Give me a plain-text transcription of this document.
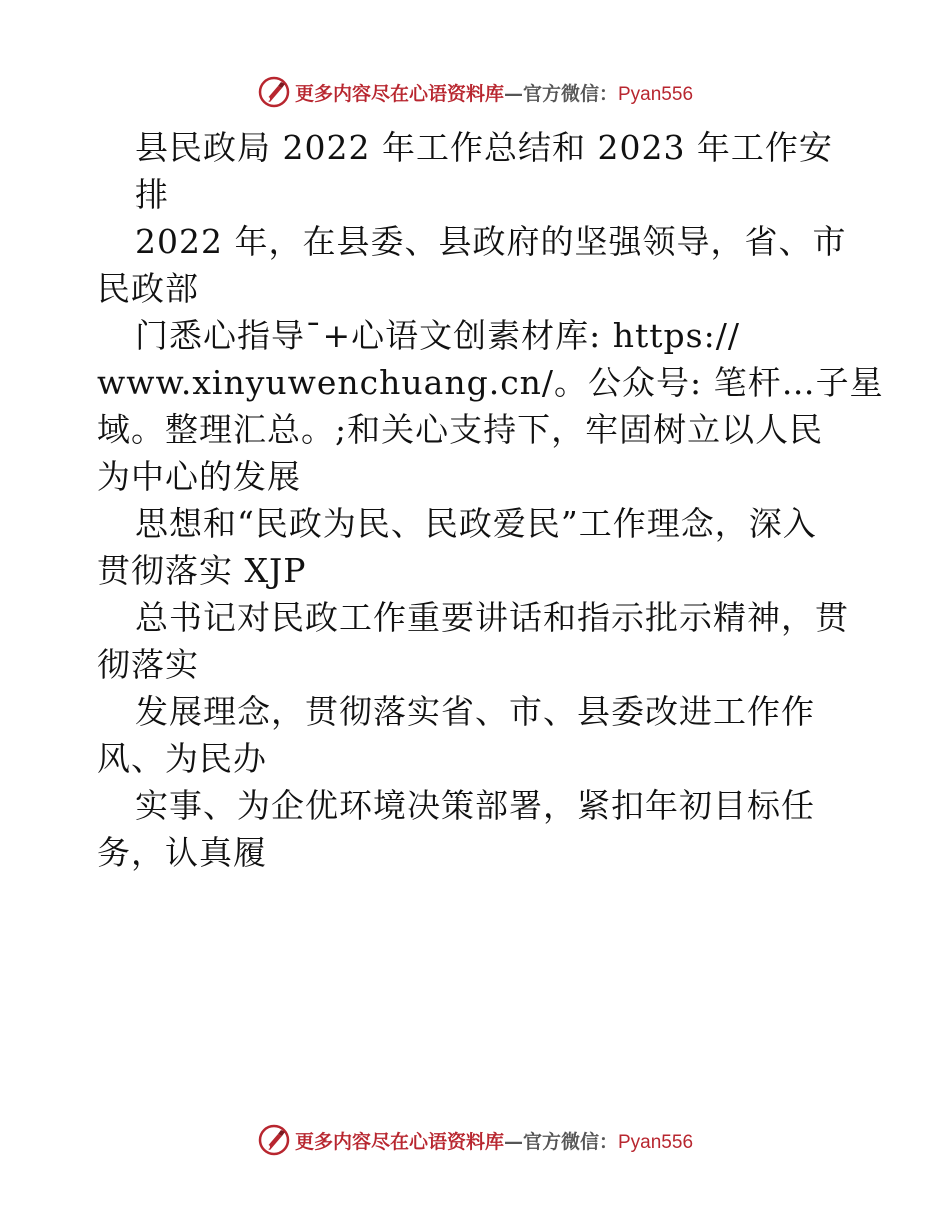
更多内容尽在心语资料库 — 官方微信： Pyan556
县民政局 2022 年工作总结和 2023 年工作安
排
2022 年，在县委、县政府的坚强领导，省、市
民政部
门悉心指导¯+心语文创素材库: https://
www.xinyuwenchuang.cn/。公众号: 笔杆…子星
域。整理汇总。;和关心支持下，牢固树立以人民
为中心的发展
思想和“民政为民、民政爱民”工作理念，深入
贯彻落实 XJP
总书记对民政工作重要讲话和指示批示精神，贯
彻落实
发展理念，贯彻落实省、市、县委改进工作作
风、为民办
实事、为企优环境决策部署，紧扣年初目标任
务，认真履
更多内容尽在心语资料库 — 官方微信： Pyan556
